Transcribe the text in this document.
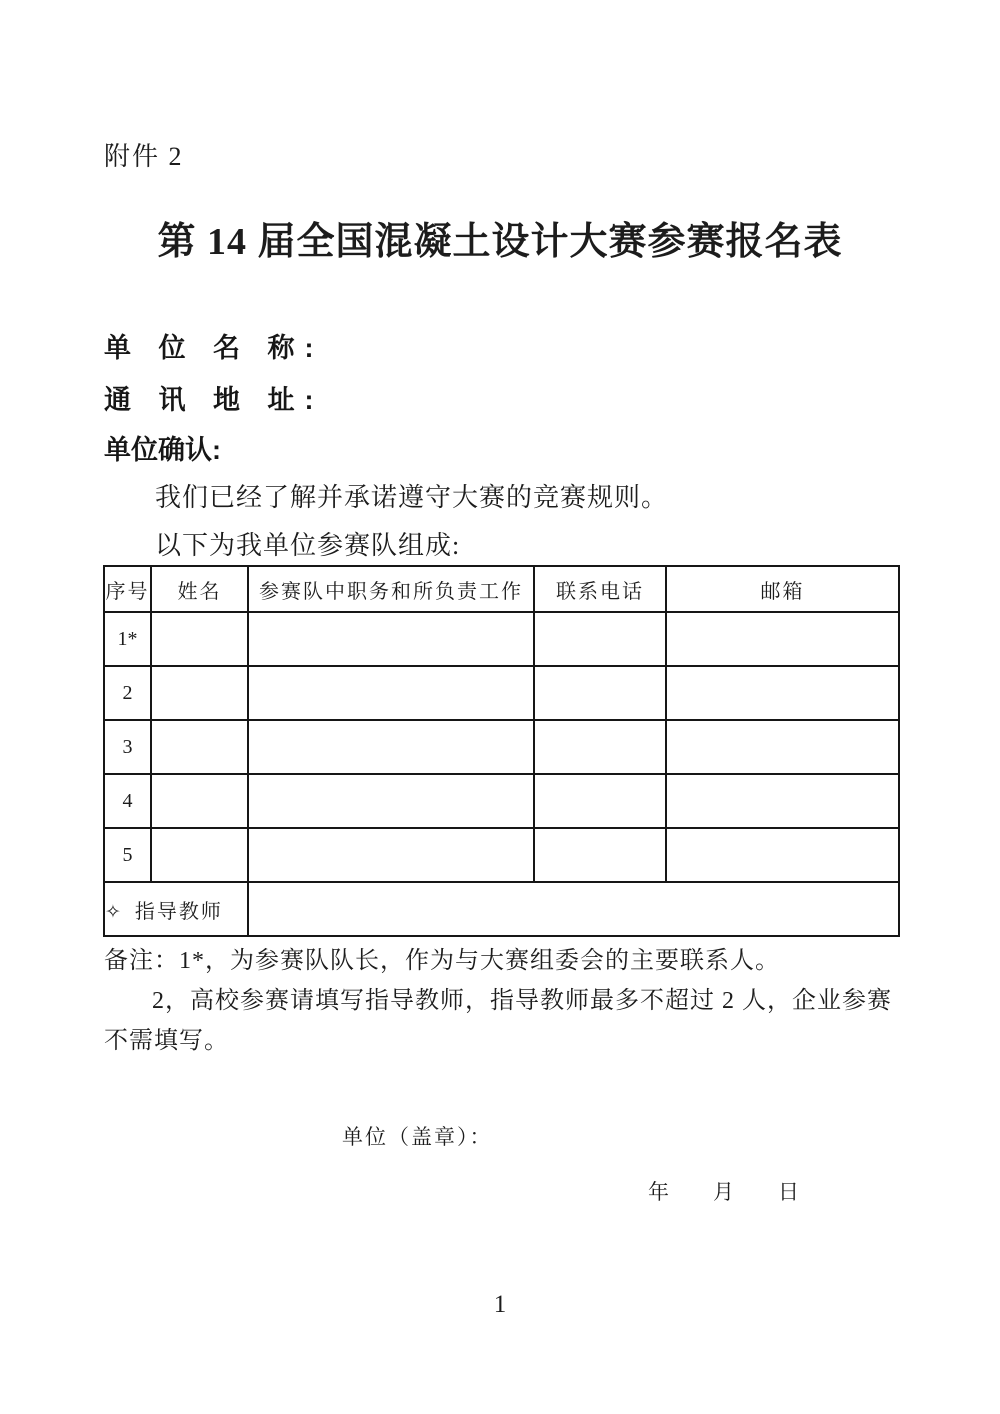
附件 2
第 14 届全国混凝土设计大赛参赛报名表
单 位 名 称:
通 讯 地 址:
单位确认:
我们已经了解并承诺遵守大赛的竞赛规则。
以下为我单位参赛队组成:
序号	姓名	参赛队中职务和所负责工作	联系电话	邮箱
1*				
2				
3				
4				
5				
✧ 指导教师				

备注：1*，为参赛队队长，作为与大赛组委会的主要联系人。

2，高校参赛请填写指导教师，指导教师最多不超过 2 人，企业参赛不需填写。

单位（盖章）：
年 月 日
1
